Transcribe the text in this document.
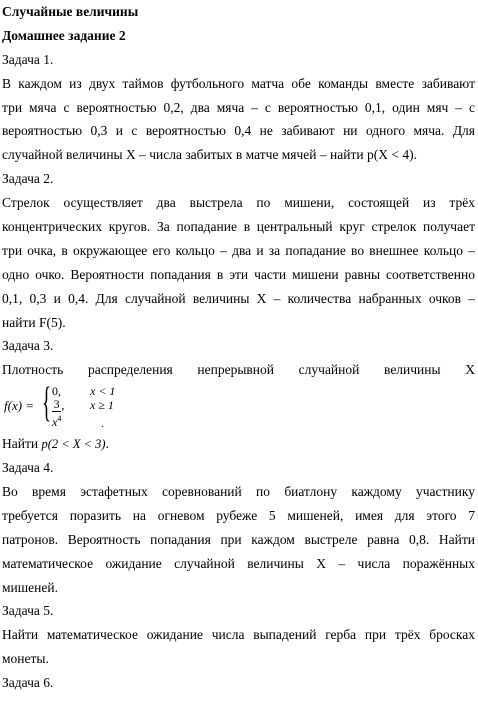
Случайные величины
Домашнее задание 2
Задача 1.
В каждом из двух таймов футбольного матча обе команды вместе забивают
три мяча с вероятностью 0,2, два мяча – с вероятностью 0,1, один мяч – с
вероятностью 0,3 и с вероятностью 0,4 не забивают ни одного мяча. Для
случайной величины X – числа забитых в матче мячей – найти p(X < 4).
Задача 2.
Стрелок осуществляет два выстрела по мишени, состоящей из трёх
концентрических кругов. За попадание в центральный круг стрелок получает
три очка, в окружающее его кольцо – два и за попадание во внешнее кольцо –
одно очко. Вероятности попадания в эти части мишени равны соответственно
0,1, 0,3 и 0,4. Для случайной величины X – количества набранных очков –
найти F(5).
Задача 3.
Плотность распределения непрерывной случайной величины X
f(x) = { 0, x < 1
$\frac{3}{x^4}$ , x ≥ 1
.
Найти p(2 < X < 3).
Задача 4.
Во время эстафетных соревнований по биатлону каждому участнику
требуется поразить на огневом рубеже 5 мишеней, имея для этого 7
патронов. Вероятность попадания при каждом выстреле равна 0,8. Найти
математическое ожидание случайной величины X – числа поражённых
мишеней.
Задача 5.
Найти математическое ожидание числа выпадений герба при трёх бросках
монеты.
Задача 6.
